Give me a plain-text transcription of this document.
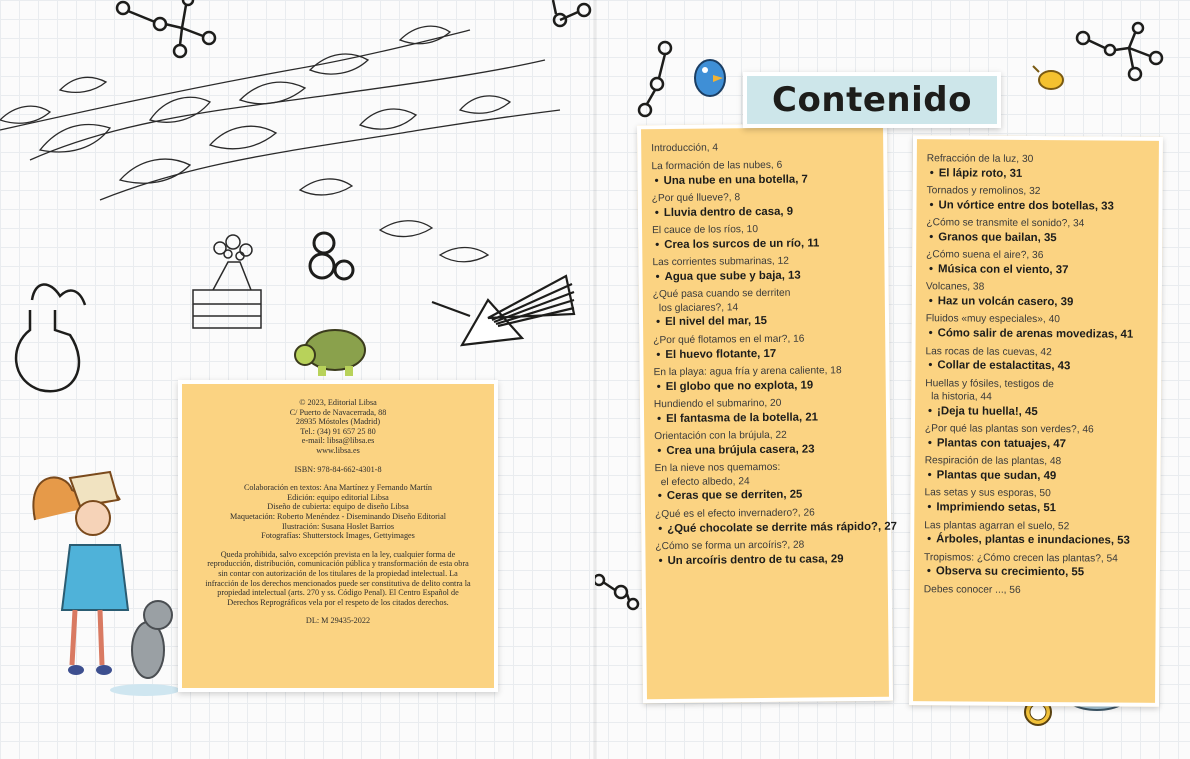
© 2023, Editorial Libsa
C/ Puerto de Navacerrada, 88
28935 Móstoles (Madrid)
Tel.: (34) 91 657 25 80
e-mail: libsa@libsa.es
www.libsa.es
ISBN: 978-84-662-4301-8
Colaboración en textos: Ana Martínez y Fernando Martín
Edición: equipo editorial Libsa
Diseño de cubierta: equipo de diseño Libsa
Maquetación: Roberto Menéndez - Diseminando Diseño Editorial
Ilustración: Susana Hoslet Barrios
Fotografías: Shutterstock Images, Gettyimages
Queda prohibida, salvo excepción prevista en la ley, cualquier forma de reproducción, distribución, comunicación pública y transformación de esta obra sin contar con autorización de los titulares de la propiedad intelectual. La infracción de los derechos mencionados puede ser constitutiva de delito contra la propiedad intelectual (arts. 270 y ss. Código Penal). El Centro Español de Derechos Reprográficos vela por el respeto de los citados derechos.
DL: M 29435-2022
Introducción, 4
La formación de las nubes, 6
• Una nube en una botella, 7
¿Por qué llueve?, 8
• Lluvia dentro de casa, 9
El cauce de los ríos, 10
• Crea los surcos de un río, 11
Las corrientes submarinas, 12
• Agua que sube y baja, 13
¿Qué pasa cuando se derriten
los glaciares?, 14
• El nivel del mar, 15
¿Por qué flotamos en el mar?, 16
• El huevo flotante, 17
En la playa: agua fría y arena caliente, 18
• El globo que no explota, 19
Hundiendo el submarino, 20
• El fantasma de la botella, 21
Orientación con la brújula, 22
• Crea una brújula casera, 23
En la nieve nos quemamos:
el efecto albedo, 24
• Ceras que se derriten, 25
¿Qué es el efecto invernadero?, 26
• ¿Qué chocolate se derrite más rápido?, 27
¿Cómo se forma un arcoíris?, 28
• Un arcoíris dentro de tu casa, 29
Refracción de la luz, 30
• El lápiz roto, 31
Tornados y remolinos, 32
• Un vórtice entre dos botellas, 33
¿Cómo se transmite el sonido?, 34
• Granos que bailan, 35
¿Cómo suena el aire?, 36
• Música con el viento, 37
Volcanes, 38
• Haz un volcán casero, 39
Fluidos «muy especiales», 40
• Cómo salir de arenas movedizas, 41
Las rocas de las cuevas, 42
• Collar de estalactitas, 43
Huellas y fósiles, testigos de
la historia, 44
• ¡Deja tu huella!, 45
¿Por qué las plantas son verdes?, 46
• Plantas con tatuajes, 47
Respiración de las plantas, 48
• Plantas que sudan, 49
Las setas y sus esporas, 50
• Imprimiendo setas, 51
Las plantas agarran el suelo, 52
• Árboles, plantas e inundaciones, 53
Tropismos: ¿Cómo crecen las plantas?, 54
• Observa su crecimiento, 55
Debes conocer ..., 56
Contenido
